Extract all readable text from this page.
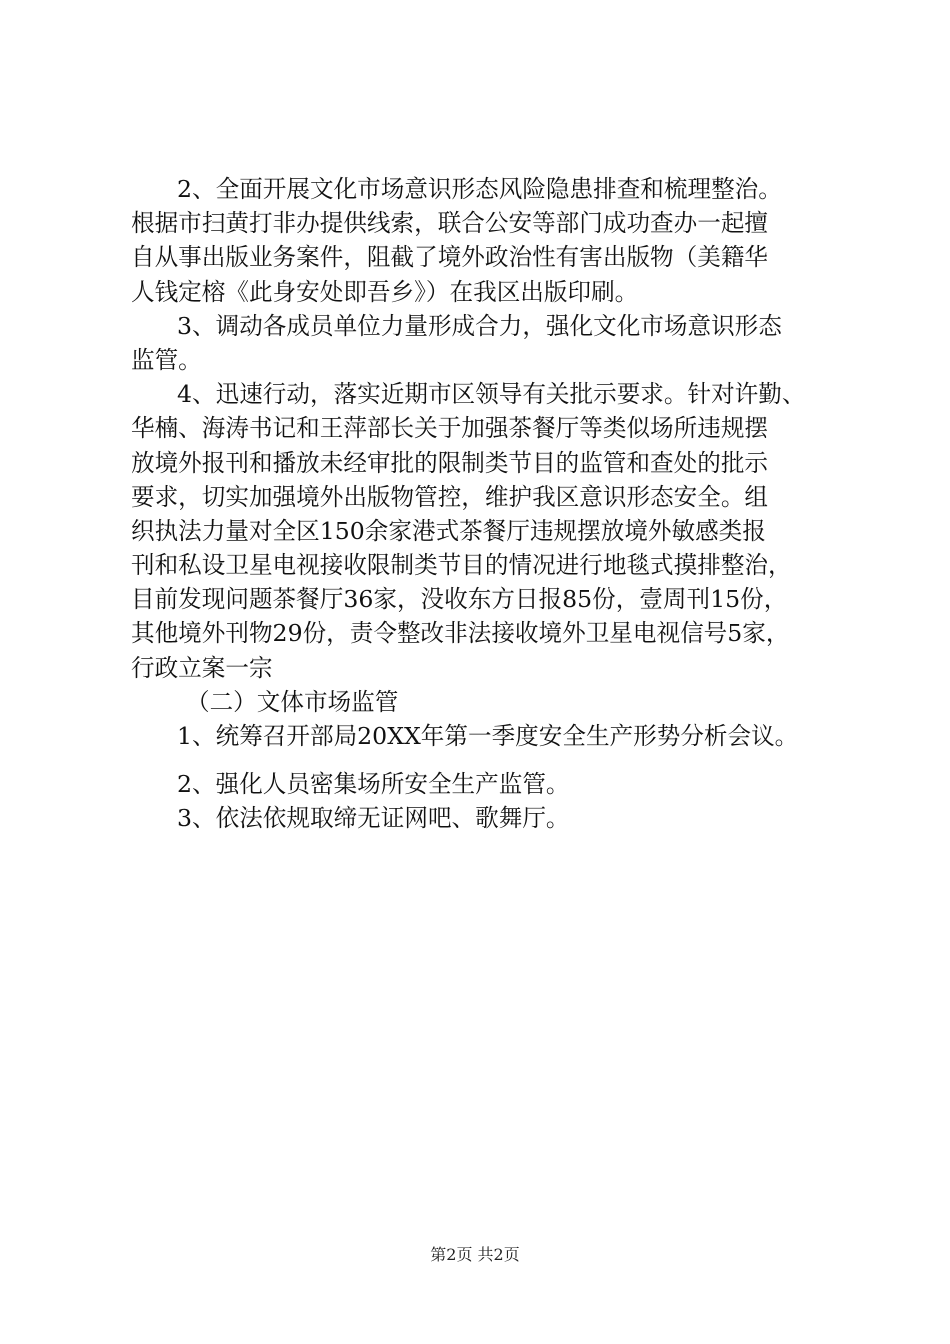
2、全面开展文化市场意识形态风险隐患排查和梳理整治。
根据市扫黄打非办提供线索，联合公安等部门成功查办一起擅
自从事出版业务案件，阻截了境外政治性有害出版物（美籍华
人钱定榕《此身安处即吾乡》）在我区出版印刷。
3、调动各成员单位力量形成合力，强化文化市场意识形态
监管。
4、迅速行动，落实近期市区领导有关批示要求。针对许勤、
华楠、海涛书记和王萍部长关于加强茶餐厅等类似场所违规摆
放境外报刊和播放未经审批的限制类节目的监管和查处的批示
要求，切实加强境外出版物管控，维护我区意识形态安全。组
织执法力量对全区150余家港式茶餐厅违规摆放境外敏感类报
刊和私设卫星电视接收限制类节目的情况进行地毯式摸排整治，
目前发现问题茶餐厅36家，没收东方日报85份，壹周刊15份，
其他境外刊物29份，责令整改非法接收境外卫星电视信号5家，
行政立案一宗
（二）文体市场监管
1、统筹召开部局20XX年第一季度安全生产形势分析会议。
2、强化人员密集场所安全生产监管。
3、依法依规取缔无证网吧、歌舞厅。
第2页 共2页
